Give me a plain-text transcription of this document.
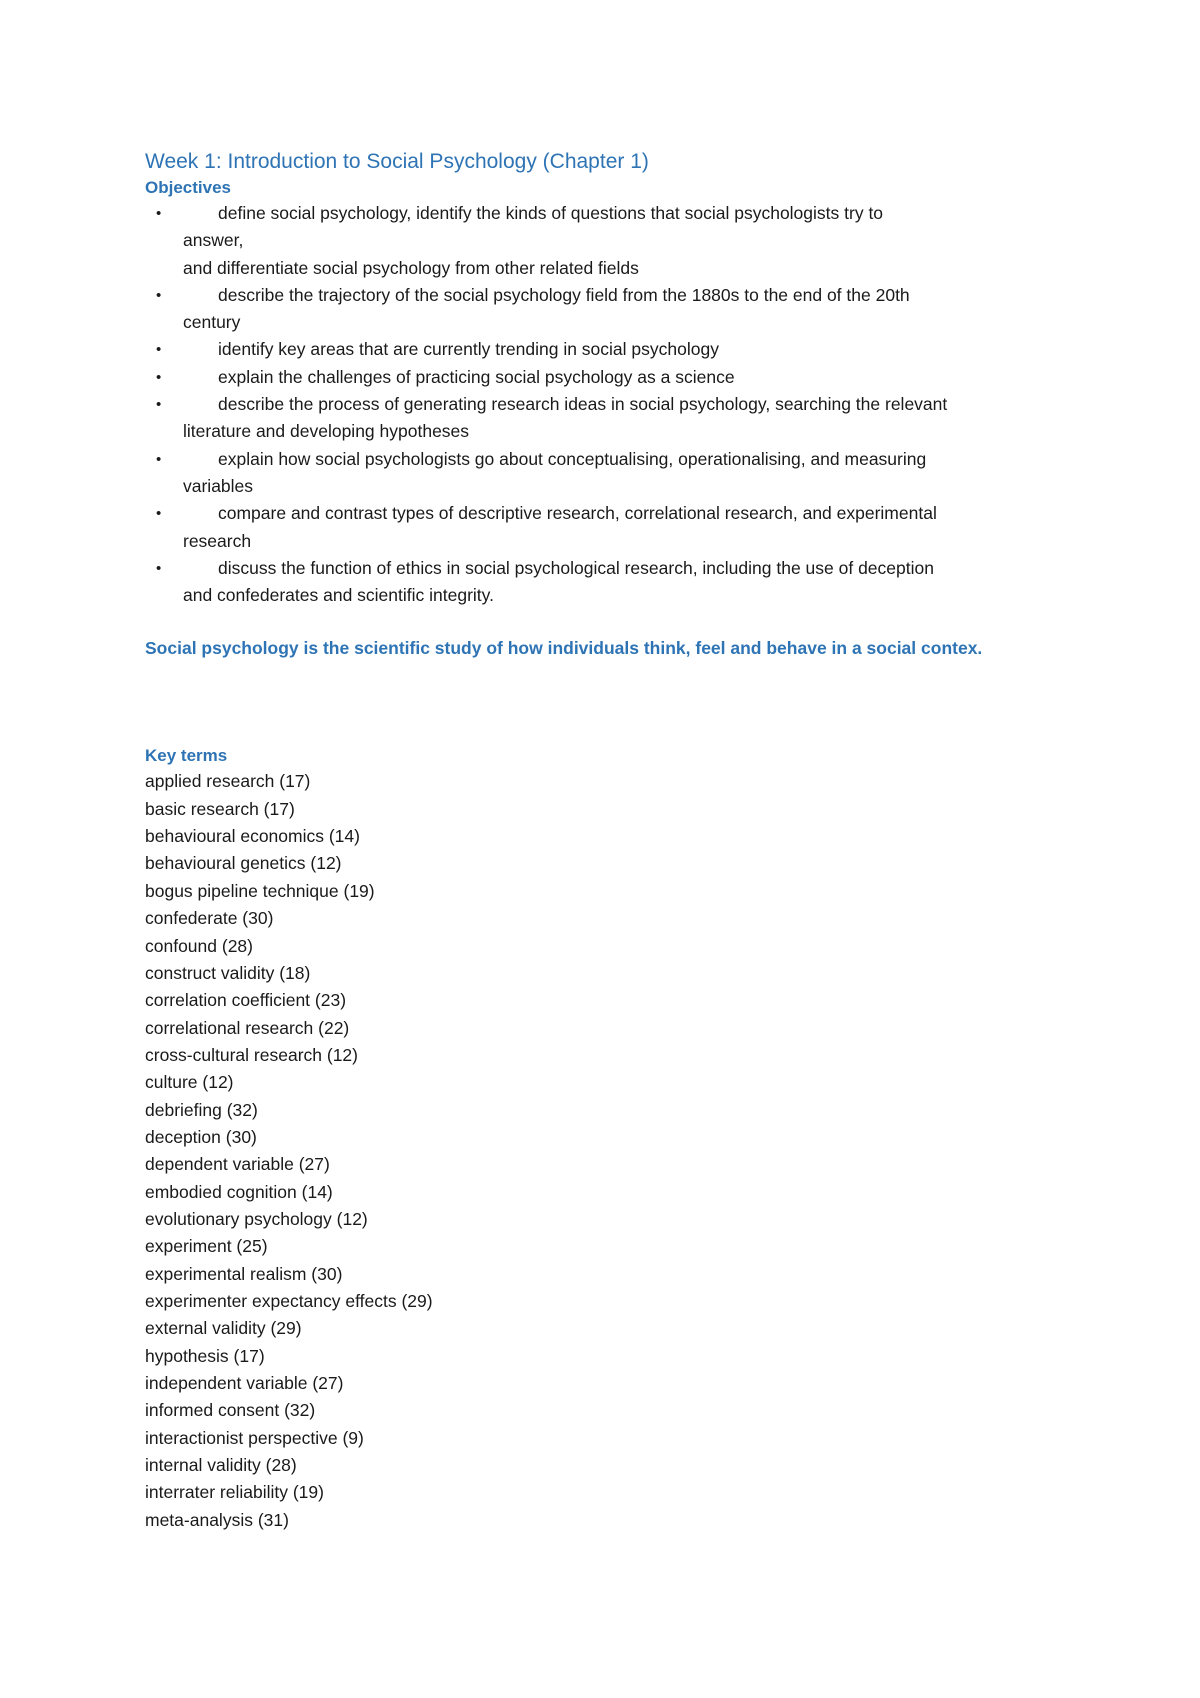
Week 1: Introduction to Social Psychology (Chapter 1)
Objectives
•	define social psychology, identify the kinds of questions that social psychologists try to
answer,
and differentiate social psychology from other related fields
•	describe the trajectory of the social psychology field from the 1880s to the end of the 20th
century
•	identify key areas that are currently trending in social psychology
•	explain the challenges of practicing social psychology as a science
•	describe the process of generating research ideas in social psychology, searching the relevant
literature and developing hypotheses
•	explain how social psychologists go about conceptualising, operationalising, and measuring
variables
•	compare and contrast types of descriptive research, correlational research, and experimental
research
•	discuss the function of ethics in social psychological research, including the use of deception
and confederates and scientific integrity.

Social psychology is the scientific study of how individuals think, feel and behave in a social contex.

Key terms
applied research (17)
basic research (17)
behavioural economics (14)
behavioural genetics (12)
bogus pipeline technique (19)
confederate (30)
confound (28)
construct validity (18)
correlation coefficient (23)
correlational research (22)
cross-cultural research (12)
culture (12)
debriefing (32)
deception (30)
dependent variable (27)
embodied cognition (14)
evolutionary psychology (12)
experiment (25)
experimental realism (30)
experimenter expectancy effects (29)
external validity (29)
hypothesis (17)
independent variable (27)
informed consent (32)
interactionist perspective (9)
internal validity (28)
interrater reliability (19)
meta-analysis (31)
